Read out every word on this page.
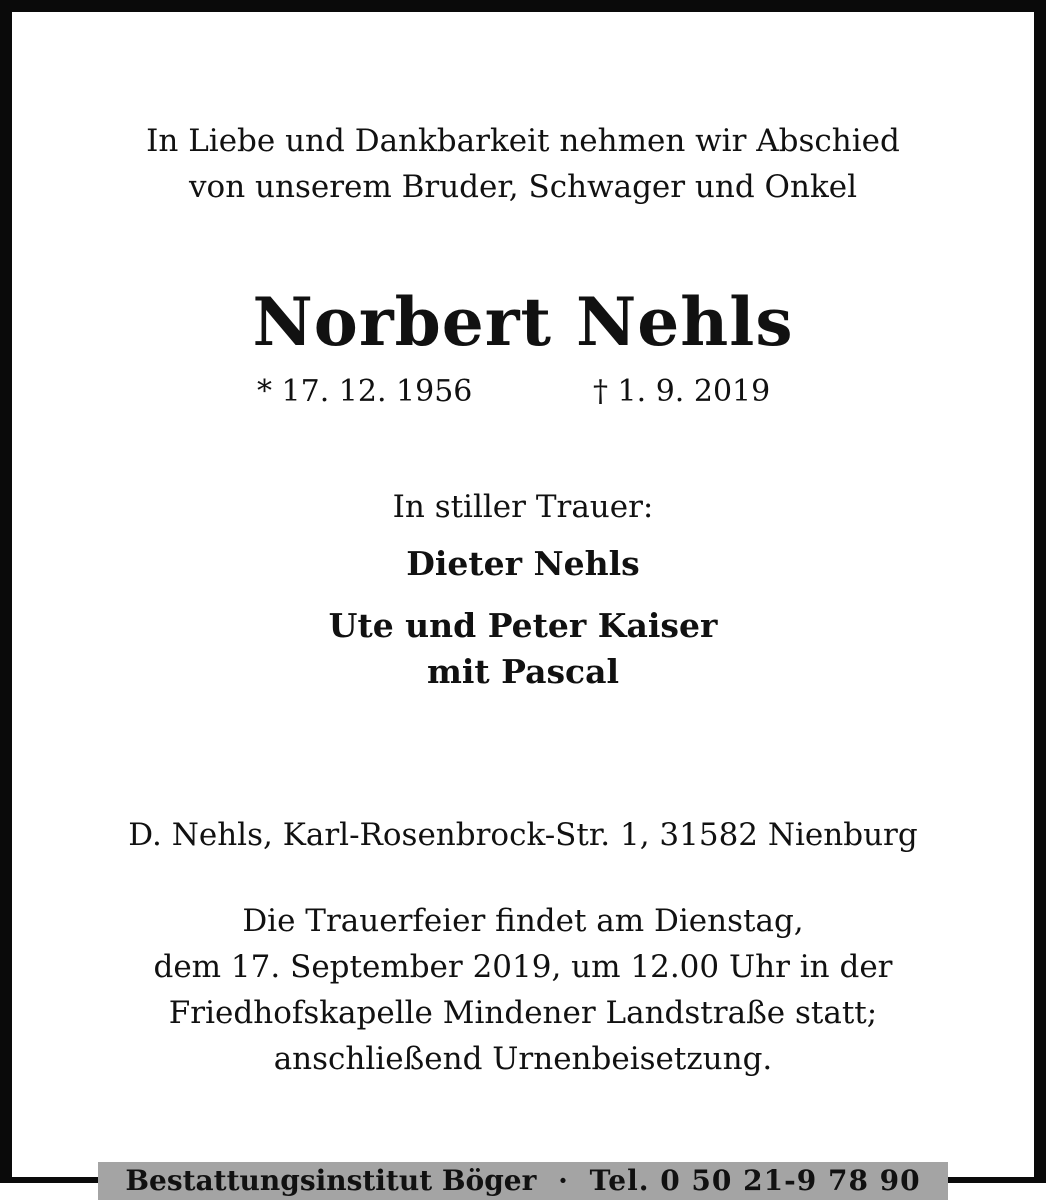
In Liebe und Dankbarkeit nehmen wir Abschied
von unserem Bruder, Schwager und Onkel
Norbert Nehls
* 17. 12. 1956	† 1. 9. 2019
In stiller Trauer:
Dieter Nehls
Ute und Peter Kaiser
mit Pascal
D. Nehls, Karl-Rosenbrock-Str. 1, 31582 Nienburg
Die Trauerfeier findet am Dienstag,
dem 17. September 2019, um 12.00 Uhr in der
Friedhofskapelle Mindener Landstraße statt;
anschließend Urnenbeisetzung.
Bestattungsinstitut Böger · Tel. 0 50 21-9 78 90
